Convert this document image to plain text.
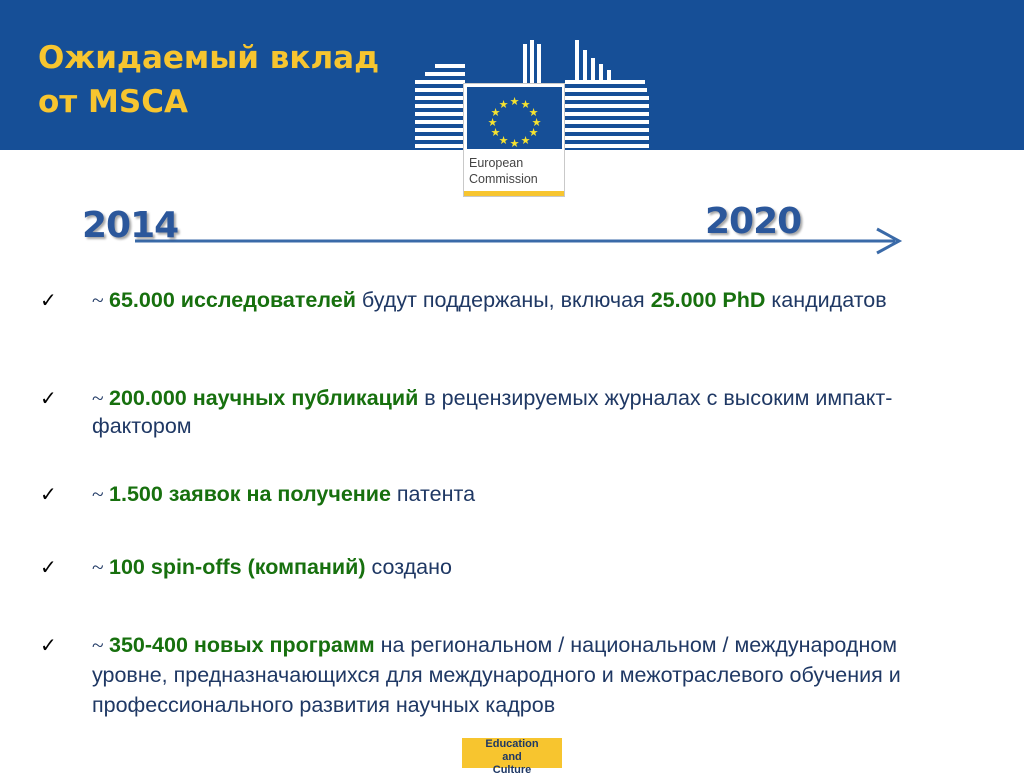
Ожидаемый вклад
от MSCA	★ ★
★
★
★
★
★
★
★
★
★
★
European
Commission
2014	2020
✓ ~ 65.000 исследователей будут поддержаны, включая 25.000 PhD кандидатов
✓ ~ 200.000 научных публикаций в рецензируемых журналах с высоким импакт-фактором
✓ ~ 1.500 заявок на получение патента
✓ ~ 100 spin-offs (компаний) создано
✓ ~ 350-400 новых программ на региональном / национальном / международном уровне, предназначающихся для международного и межотраслевого обучения и профессионального развития научных кадров
Education
and
Culture
